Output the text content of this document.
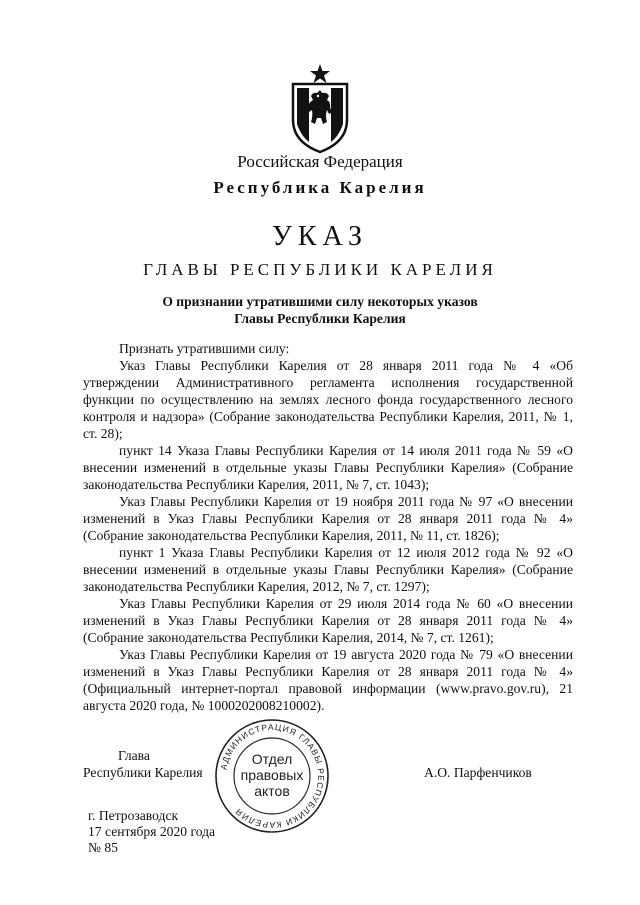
Российская Федерация
Республика Карелия
УКАЗ
ГЛАВЫ РЕСПУБЛИКИ КАРЕЛИЯ
О признании утратившими силу некоторых указов
Главы Республики Карелия

Признать утратившими силу:

Указ Главы Республики Карелия от 28 января 2011 года № 4 «Об утверждении Административного регламента исполнения государственной функции по осуществлению на землях лесного фонда государственного лесного контроля и надзора» (Собрание законодательства Республики Карелия, 2011, № 1, ст. 28);

пункт 14 Указа Главы Республики Карелия от 14 июля 2011 года № 59 «О внесении изменений в отдельные указы Главы Республики Карелия» (Собрание законодательства Республики Карелия, 2011, № 7, ст. 1043);

Указ Главы Республики Карелия от 19 ноября 2011 года № 97 «О внесении изменений в Указ Главы Республики Карелия от 28 января 2011 года № 4» (Собрание законодательства Республики Карелия, 2011, № 11, ст. 1826);

пункт 1 Указа Главы Республики Карелия от 12 июля 2012 года № 92 «О внесении изменений в отдельные указы Главы Республики Карелия» (Собрание законодательства Республики Карелия, 2012, № 7, ст. 1297);

Указ Главы Республики Карелия от 29 июля 2014 года № 60 «О внесении изменений в Указ Главы Республики Карелия от 28 января 2011 года № 4» (Собрание законодательства Республики Карелия, 2014, № 7, ст. 1261);

Указ Главы Республики Карелия от 19 августа 2020 года № 79 «О внесении изменений в Указ Главы Республики Карелия от 28 января 2011 года № 4» (Официальный интернет-портал правовой информации (www.pravo.gov.ru), 21 августа 2020 года, № 1000202008210002).

Глава
Республики Карелия	А.О. Парфенчиков
АДМИНИСТРАЦИЯ ГЛАВЫ РЕСПУБЛИКИ КАРЕЛИЯ
Отдел
правовых
актов
г. Петрозаводск
17 сентября 2020 года
№ 85
